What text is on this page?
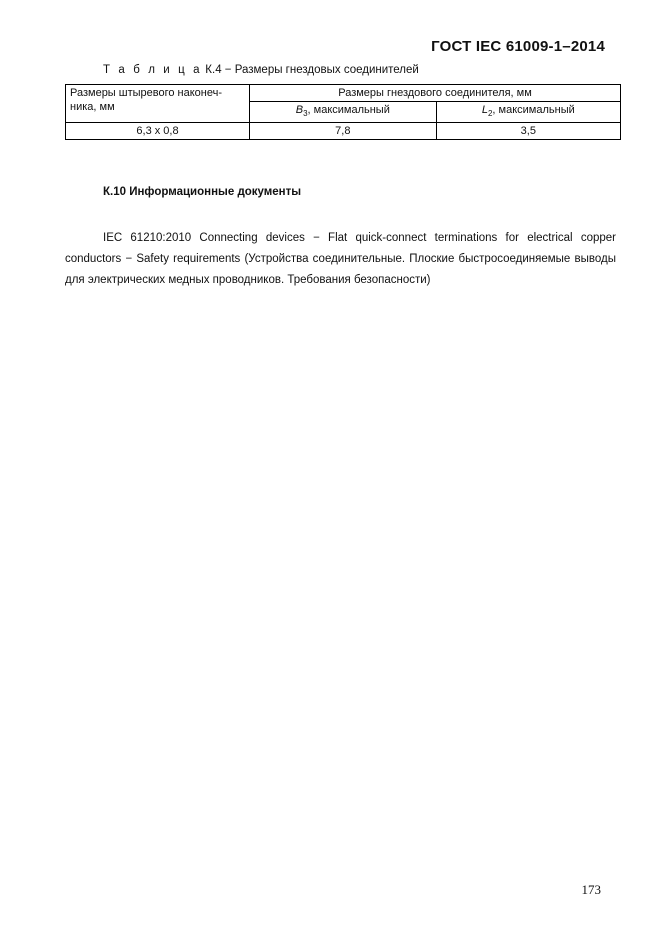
ГОСТ IEC 61009-1–2014
Т а б л и ц а К.4 − Размеры гнездовых соединителей
Размеры штыревого наконеч-ника, мм	Размеры гнездового соединителя, мм	
	$B_3$, максимальный	$L_2$, максимальный
6,3 x 0,8	7,8	3,5
К.10 Информационные документы

IEC 61210:2010 Connecting devices − Flat quick-connect terminations for electrical copper conductors − Safety requirements (Устройства соединительные. Плоские быстросоединяемые выводы для электрических медных проводников. Требования безопасности)

173
